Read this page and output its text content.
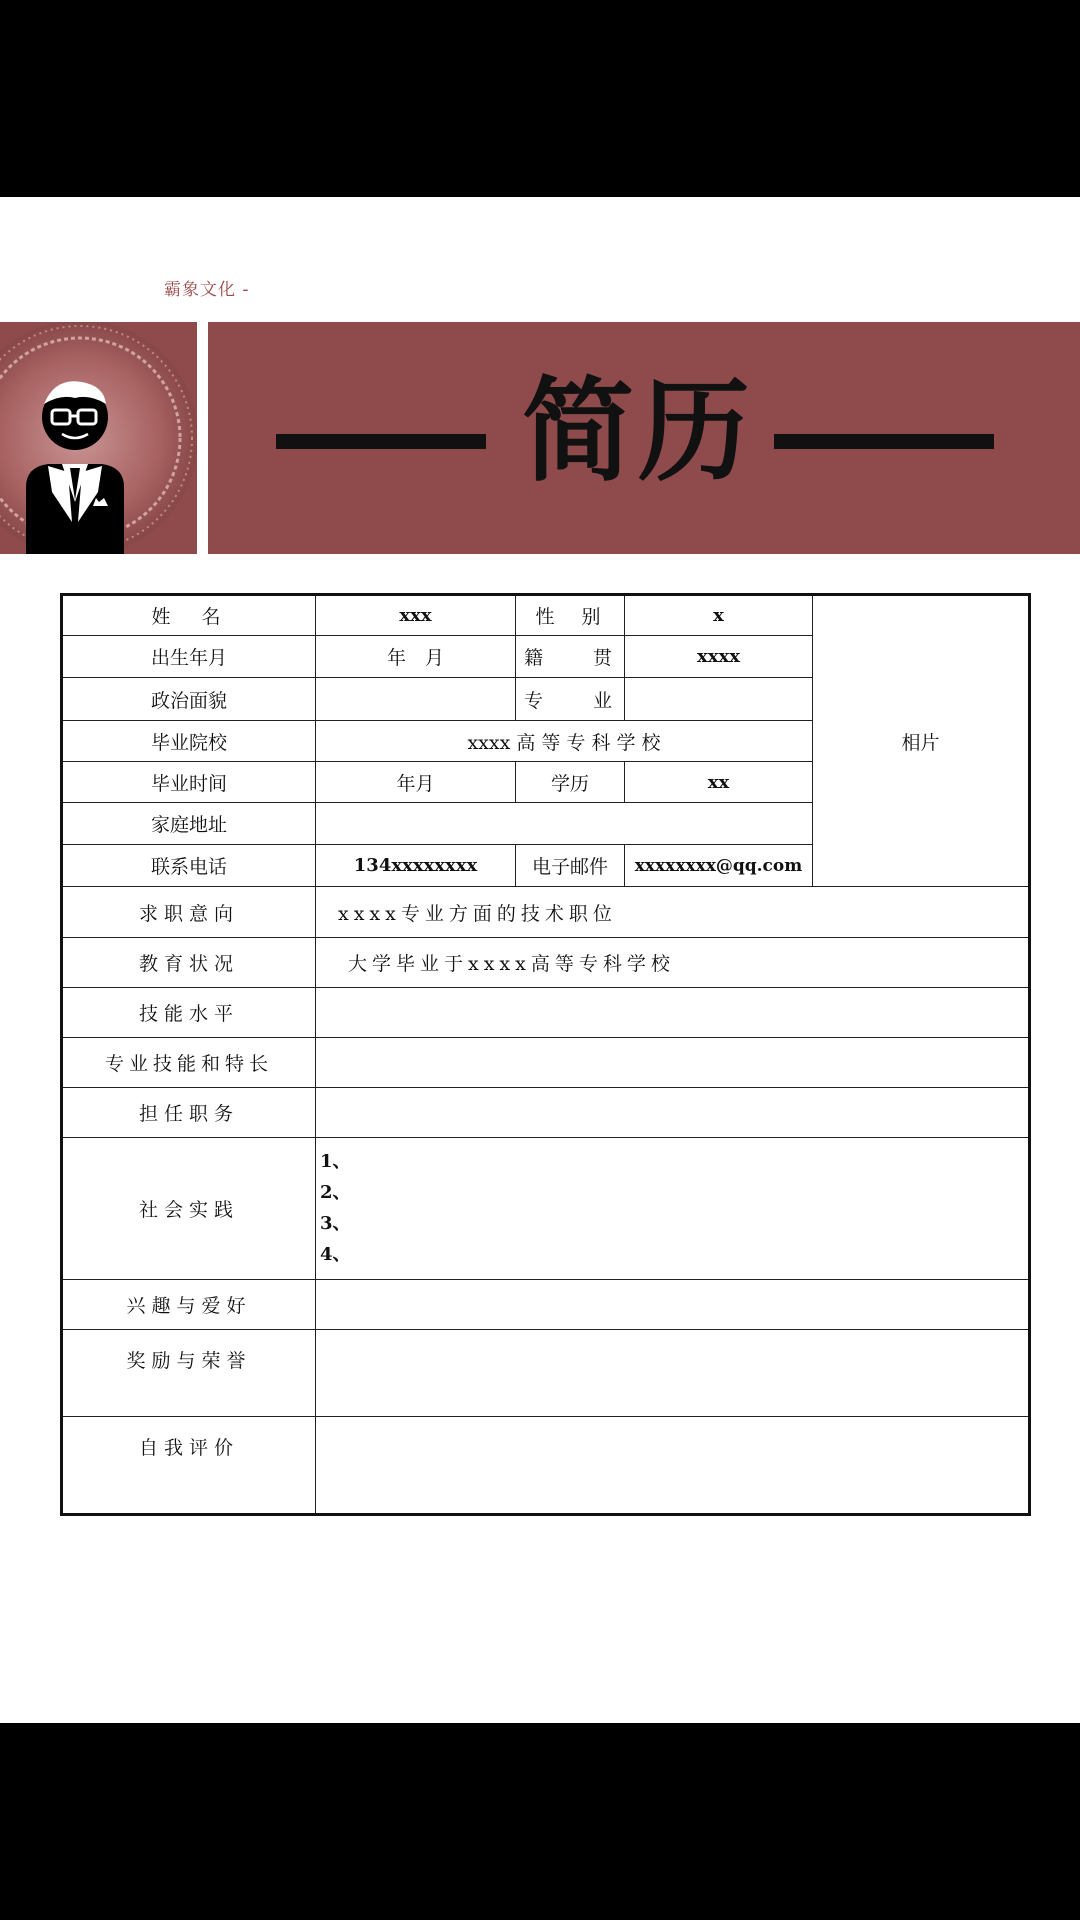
霸象文化 -
简历
姓　名	xxx	性　别	x	相片
出生年月	年　月	籍　　贯	xxxx	
政治面貌		专　　业		
毕业院校	xxxx 高 等 专 科 学 校			
毕业时间	年月	学历	xx	
家庭地址				
联系电话	134xxxxxxxx	电子邮件	xxxxxxxx@qq.com	
求职意向	xxxx专业方面的技术职位			
教育状况	大学毕业于xxxx高等专科学校			
技能水平				
专业技能和特长				
担任职务				
社会实践	1、
2、
3、
4、			

兴趣与爱好				
奖励与荣誉				
自我评价				
